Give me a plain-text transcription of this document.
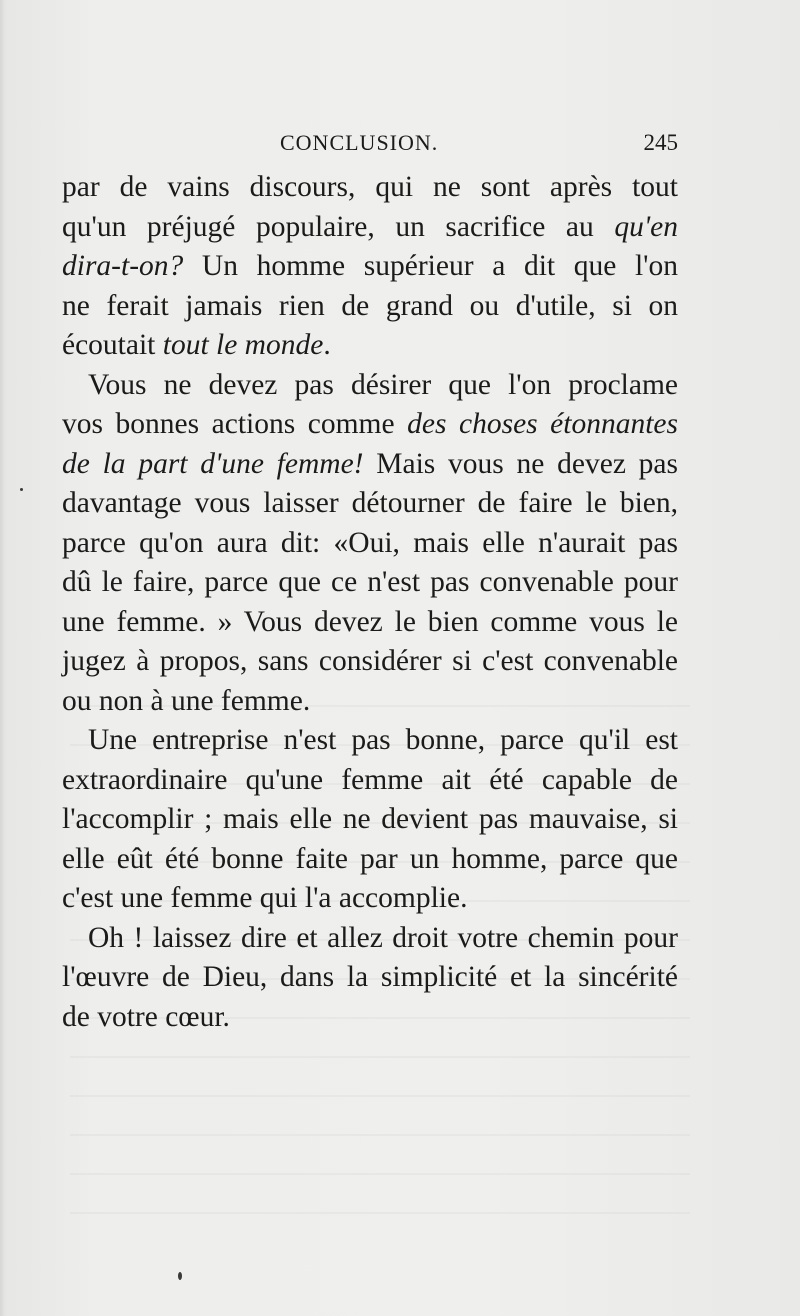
CONCLUSION.	245
par de vains discours, qui ne sont après tout
qu'un préjugé populaire, un sacrifice au qu'en
dira-t-on? Un homme supérieur a dit que l'on
ne ferait jamais rien de grand ou d'utile, si on
écoutait tout le monde.
Vous ne devez pas désirer que l'on proclame
vos bonnes actions comme des choses étonnantes
de la part d'une femme! Mais vous ne devez pas
davantage vous laisser détourner de faire le bien,
parce qu'on aura dit: «Oui, mais elle n'aurait pas
dû le faire, parce que ce n'est pas convenable pour
une femme. » Vous devez le bien comme vous le
jugez à propos, sans considérer si c'est convenable
ou non à une femme.
Une entreprise n'est pas bonne, parce qu'il est
extraordinaire qu'une femme ait été capable de
l'accomplir ; mais elle ne devient pas mauvaise, si
elle eût été bonne faite par un homme, parce que
c'est une femme qui l'a accomplie.
Oh ! laissez dire et allez droit votre chemin pour
l'œuvre de Dieu, dans la simplicité et la sincérité
de votre cœur.
